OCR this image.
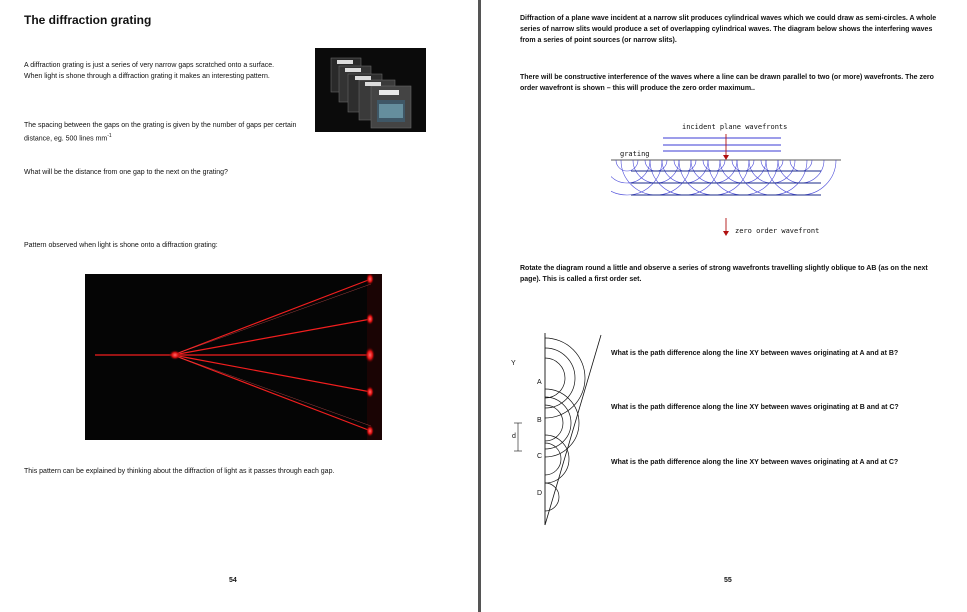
The diffraction grating
A diffraction grating is just a series of very narrow gaps scratched onto a surface. When light is shone through a diffraction grating it makes an interesting pattern.
The spacing between the gaps on the grating is given by the number of gaps per certain distance, eg. 500 lines $mm^{-1}$
What will be the distance from one gap to the next on the grating?
Pattern observed when light is shone onto a diffraction grating:
This pattern can be explained by thinking about the diffraction of light as it passes through each gap.
54
Diffraction of a plane wave incident at a narrow slit produces cylindrical waves which we could draw as semi-circles. A whole series of narrow slits would produce a set of overlapping cylindrical waves. The diagram below shows the interfering waves from a series of point sources (or narrow slits).
There will be constructive interference of the waves where a line can be drawn parallel to two (or more) wavefronts. The zero order wavefront is shown – this will produce the zero order maximum..
incident plane wavefronts
grating
zero order wavefront
Rotate the diagram round a little and observe a series of strong wavefronts travelling slightly oblique to AB (as on the next page). This is called a first order set.
Y
A
B
C
D
d
What is the path difference along the line XY between waves originating at A and at B?
What is the path difference along the line XY between waves originating at B and at C?
What is the path difference along the line XY between waves originating at A and at C?
55
